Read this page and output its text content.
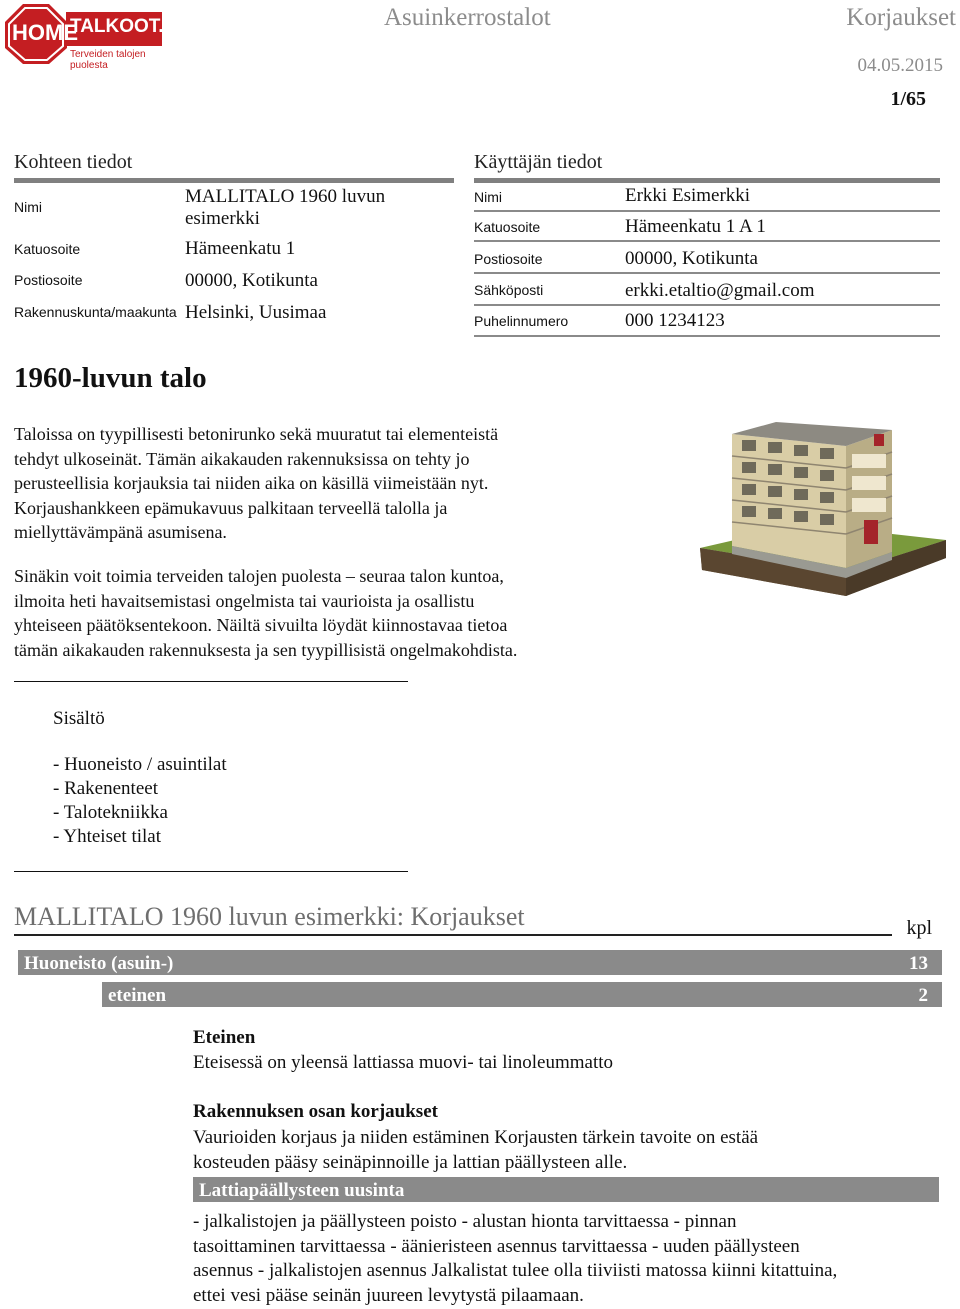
HOME
TALKOOT.FI
Terveiden talojen puolesta
Asuinkerrostalot	Korjaukset
04.05.2015
1/65
Kohteen tiedot
Nimi	MALLITALO 1960 luvun esimerkki
Katuosoite	Hämeenkatu 1
Postiosoite	00000, Kotikunta
Rakennuskunta/maakunta Helsinki, Uusimaa
Käyttäjän tiedot
Nimi	Erkki Esimerkki
Katuosoite	Hämeenkatu 1 A 1
Postiosoite	00000, Kotikunta
Sähköposti	erkki.etaltio@gmail.com
Puhelinnumero	000 1234123
1960-luvun talo
Taloissa on tyypillisesti betonirunko sekä muuratut tai elementeistä
tehdyt ulkoseinät. Tämän aikakauden rakennuksissa on tehty jo
perusteellisia korjauksia tai niiden aika on käsillä viimeistään nyt.
Korjaushankkeen epämukavuus palkitaan terveellä talolla ja
miellyttävämpänä asumisena.
Sinäkin voit toimia terveiden talojen puolesta – seuraa talon kuntoa,
ilmoita heti havaitsemistasi ongelmista tai vaurioista ja osallistu
yhteiseen päätöksentekoon. Näiltä sivuilta löydät kiinnostavaa tietoa
tämän aikakauden rakennuksesta ja sen tyypillisistä ongelmakohdista.
Sisältö
- Huoneisto / asuintilat
- Rakenenteet
- Talotekniikka
- Yhteiset tilat
MALLITALO 1960 luvun esimerkki: Korjaukset	kpl
Huoneisto (asuin-)	13
eteinen	2
Eteinen
Eteisessä on yleensä lattiassa muovi- tai linoleummatto
Rakennuksen osan korjaukset
Vaurioiden korjaus ja niiden estäminen Korjausten tärkein tavoite on estää
kosteuden pääsy seinäpinnoille ja lattian päällysteen alle.
Lattiapäällysteen uusinta
- jalkalistojen ja päällysteen poisto - alustan hionta tarvittaessa - pinnan
tasoittaminen tarvittaessa - äänieristeen asennus tarvittaessa - uuden päällysteen
asennus - jalkalistojen asennus Jalkalistat tulee olla tiiviisti matossa kiinni kitattuina,
ettei vesi pääse seinän juureen levytystä pilaamaan.
